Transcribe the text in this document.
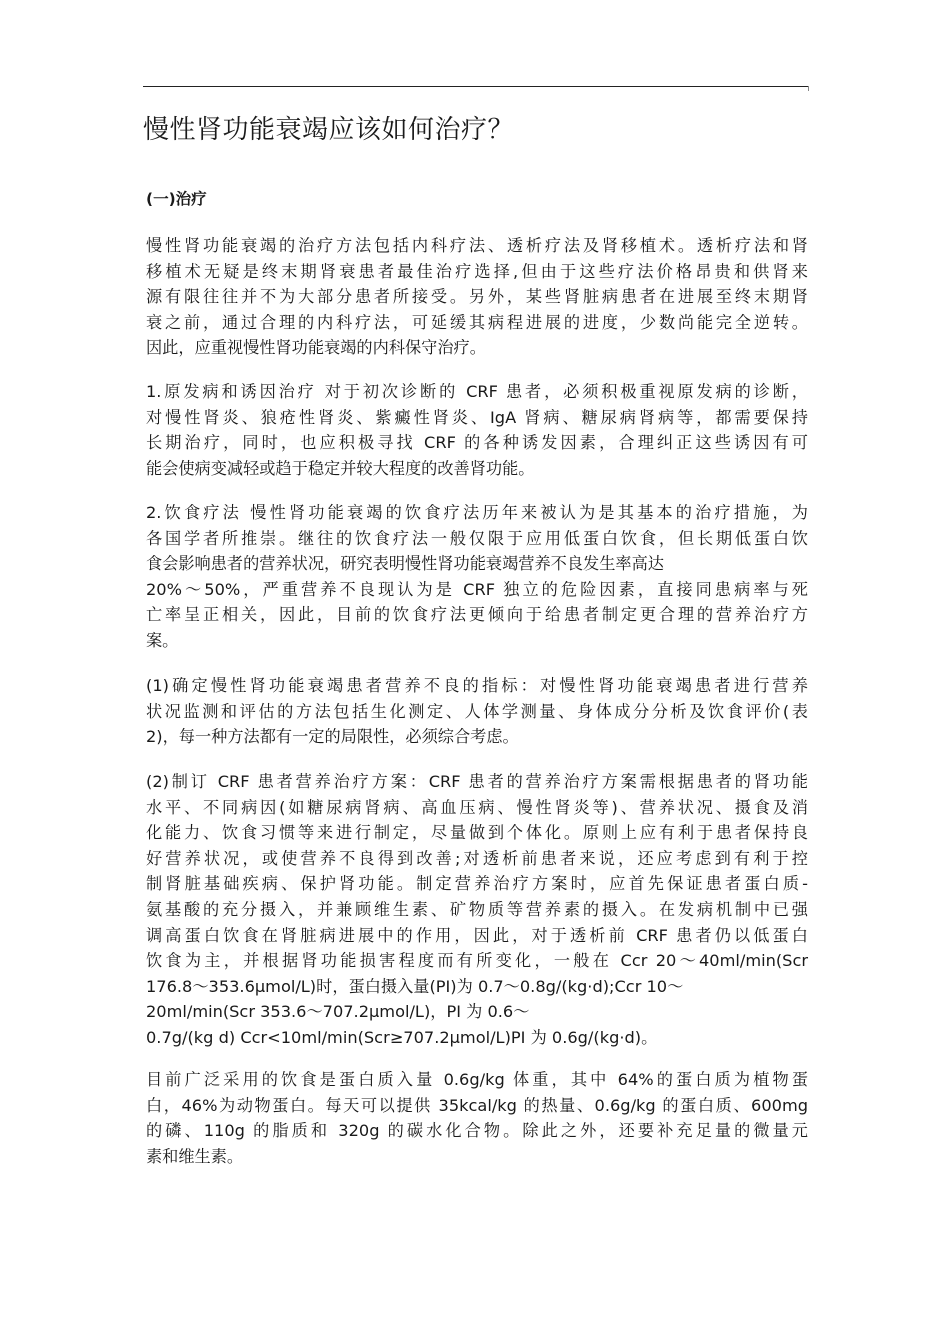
慢性肾功能衰竭应该如何治疗？
(一)治疗
慢性肾功能衰竭的治疗方法包括内科疗法、透析疗法及肾移植术。透析疗法和肾
移植术无疑是终末期肾衰患者最佳治疗选择,但由于这些疗法价格昂贵和供肾来
源有限往往并不为大部分患者所接受。另外，某些肾脏病患者在进展至终末期肾
衰之前，通过合理的内科疗法，可延缓其病程进展的进度，少数尚能完全逆转。
因此，应重视慢性肾功能衰竭的内科保守治疗。
1.原发病和诱因治疗 对于初次诊断的 CRF 患者，必须积极重视原发病的诊断，
对慢性肾炎、狼疮性肾炎、紫癜性肾炎、IgA 肾病、糖尿病肾病等，都需要保持
长期治疗，同时，也应积极寻找 CRF 的各种诱发因素，合理纠正这些诱因有可
能会使病变减轻或趋于稳定并较大程度的改善肾功能。
2.饮食疗法 慢性肾功能衰竭的饮食疗法历年来被认为是其基本的治疗措施，为
各国学者所推崇。继往的饮食疗法一般仅限于应用低蛋白饮食，但长期低蛋白饮
食会影响患者的营养状况，研究表明慢性肾功能衰竭营养不良发生率高达
20%～50%，严重营养不良现认为是 CRF 独立的危险因素，直接同患病率与死
亡率呈正相关，因此，目前的饮食疗法更倾向于给患者制定更合理的营养治疗方
案。
(1)确定慢性肾功能衰竭患者营养不良的指标：对慢性肾功能衰竭患者进行营养
状况监测和评估的方法包括生化测定、人体学测量、身体成分分析及饮食评价(表
2)，每一种方法都有一定的局限性，必须综合考虑。
(2)制订 CRF 患者营养治疗方案：CRF 患者的营养治疗方案需根据患者的肾功能
水平、不同病因(如糖尿病肾病、高血压病、慢性肾炎等)、营养状况、摄食及消
化能力、饮食习惯等来进行制定，尽量做到个体化。原则上应有利于患者保持良
好营养状况，或使营养不良得到改善;对透析前患者来说，还应考虑到有利于控
制肾脏基础疾病、保护肾功能。制定营养治疗方案时，应首先保证患者蛋白质-
氨基酸的充分摄入，并兼顾维生素、矿物质等营养素的摄入。在发病机制中已强
调高蛋白饮食在肾脏病进展中的作用，因此，对于透析前 CRF 患者仍以低蛋白
饮食为主，并根据肾功能损害程度而有所变化，一般在 Ccr 20～40ml/min(Scr
176.8～353.6μmol/L)时，蛋白摄入量(PI)为 0.7～0.8g/(kg·d);Ccr 10～
20ml/min(Scr 353.6～707.2μmol/L)，PI 为 0.6～
0.7g/(kg d) Ccr<10ml/min(Scr≥707.2μmol/L)PI 为 0.6g/(kg·d)。
目前广泛采用的饮食是蛋白质入量 0.6g/kg 体重，其中 64%的蛋白质为植物蛋
白，46%为动物蛋白。每天可以提供 35kcal/kg 的热量、0.6g/kg 的蛋白质、600mg
的磷、110g 的脂质和 320g 的碳水化合物。除此之外，还要补充足量的微量元
素和维生素。
